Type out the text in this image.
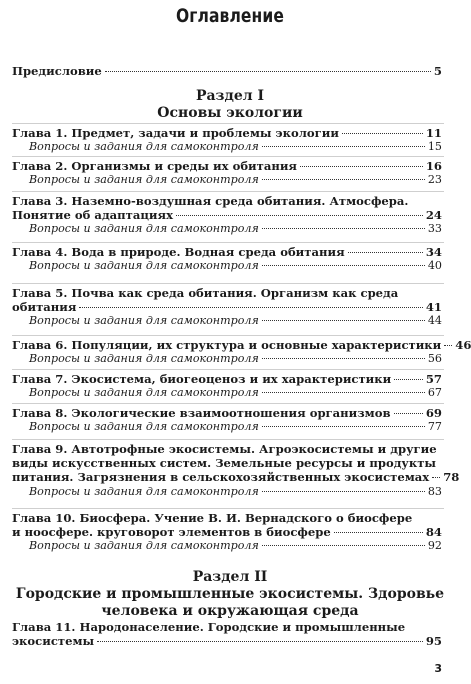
Оглавление
Предисловие	5
Раздел I
Основы экологии
Глава 1. Предмет, задачи и проблемы экологии	11
Вопросы и задания для самоконтроля	15
Глава 2. Организмы и среды их обитания	16
Вопросы и задания для самоконтроля	23
Глава 3. Наземно-воздушная среда обитания. Атмосфера.
Понятие об адаптациях	24
Вопросы и задания для самоконтроля	33
Глава 4. Вода в природе. Водная среда обитания	34
Вопросы и задания для самоконтроля	40
Глава 5. Почва как среда обитания. Организм как среда
обитания	41
Вопросы и задания для самоконтроля	44
Глава 6. Популяции, их структура и основные характеристики 46
Вопросы и задания для самоконтроля	56
Глава 7. Экосистема, биогеоценоз и их характеристики	57
Вопросы и задания для самоконтроля	67
Глава 8. Экологические взаимоотношения организмов	69
Вопросы и задания для самоконтроля	77
Глава 9. Автотрофные экосистемы. Агроэкосистемы и другие
виды искусственных систем. Земельные ресурсы и продукты
питания. Загрязнения в сельскохозяйственных экосистемах 78
Вопросы и задания для самоконтроля	83
Глава 10. Биосфера. Учение В. И. Вернадского о биосфере
и ноосфере. круговорот элементов в биосфере	84
Вопросы и задания для самоконтроля	92
Раздел II
Городские и промышленные экосистемы. Здоровье
человека и окружающая среда
Глава 11. Народонаселение. Городские и промышленные
экосистемы	95
3
